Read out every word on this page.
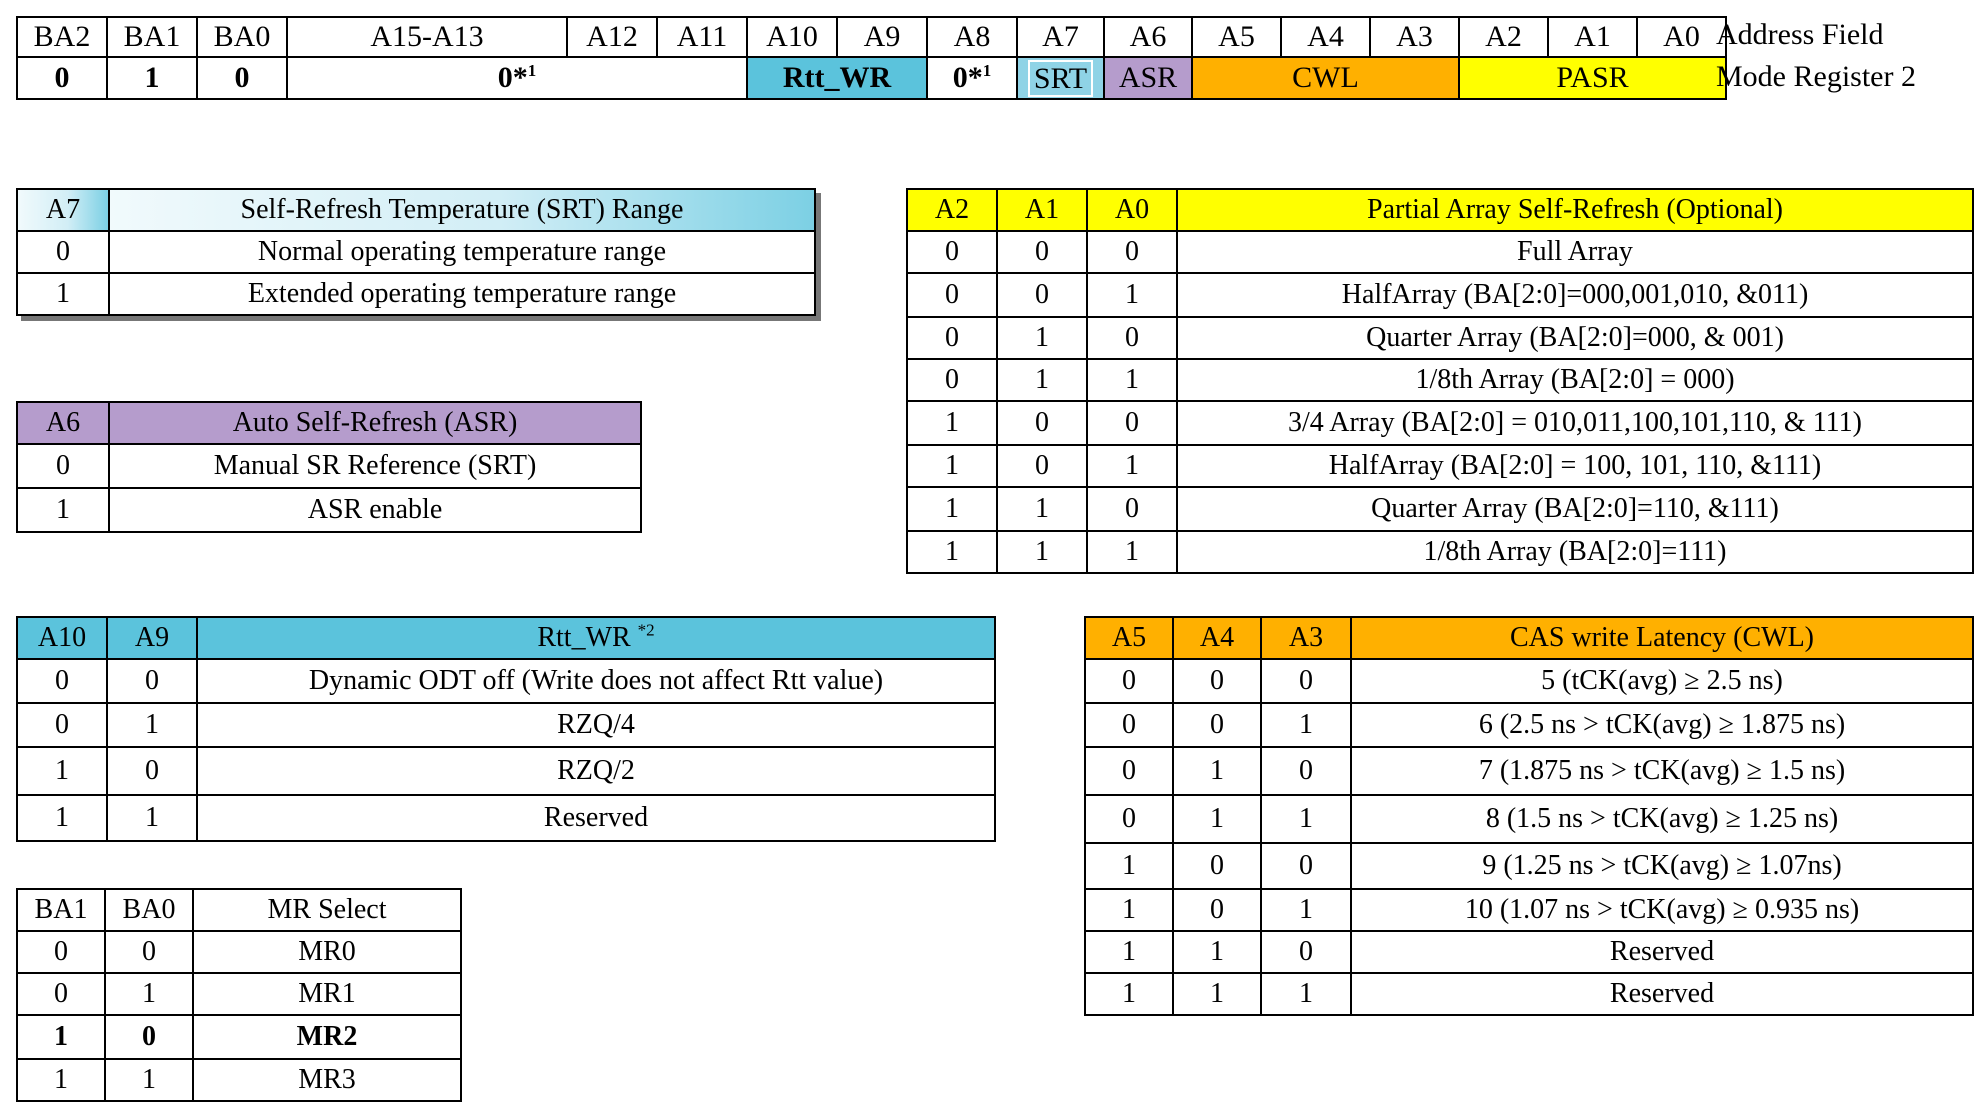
BA2	BA1	BA0	A15-A13	A12	A11	A10	A9	A8	A7	A6	A5	A4	A3	A2	A1	A0
0	1	0	0*$^1$			Rtt_WR		0*$^1$	SRT	ASR	CWL			PASR		
Address Field
Mode Register 2
A7	Self-Refresh Temperature (SRT) Range
0	Normal operating temperature range
1	Extended operating temperature range
A6	Auto Self-Refresh (ASR)
0	Manual SR Reference (SRT)
1	ASR enable
A10	A9	Rtt_WR $^{*2}$
0	0	Dynamic ODT off (Write does not affect Rtt value)
0	1	RZQ/4
1	0	RZQ/2
1	1	Reserved
BA1	BA0	MR Select
0	0	MR0
0	1	MR1
1	0	MR2
1	1	MR3
A2	A1	A0	Partial Array Self-Refresh (Optional)
0	0	0	Full Array
0	0	1	HalfArray (BA[2:0]=000,001,010, &011)
0	1	0	Quarter Array (BA[2:0]=000, & 001)
0	1	1	1/8th Array (BA[2:0] = 000)
1	0	0	3/4 Array (BA[2:0] = 010,011,100,101,110, & 111)
1	0	1	HalfArray (BA[2:0] = 100, 101, 110, &111)
1	1	0	Quarter Array (BA[2:0]=110, &111)
1	1	1	1/8th Array (BA[2:0]=111)
A5	A4	A3	CAS write Latency (CWL)
0	0	0	5 (tCK(avg) ≥ 2.5 ns)
0	0	1	6 (2.5 ns > tCK(avg) ≥ 1.875 ns)
0	1	0	7 (1.875 ns > tCK(avg) ≥ 1.5 ns)
0	1	1	8 (1.5 ns > tCK(avg) ≥ 1.25 ns)
1	0	0	9 (1.25 ns > tCK(avg) ≥ 1.07ns)
1	0	1	10 (1.07 ns > tCK(avg) ≥ 0.935 ns)
1	1	0	Reserved
1	1	1	Reserved
